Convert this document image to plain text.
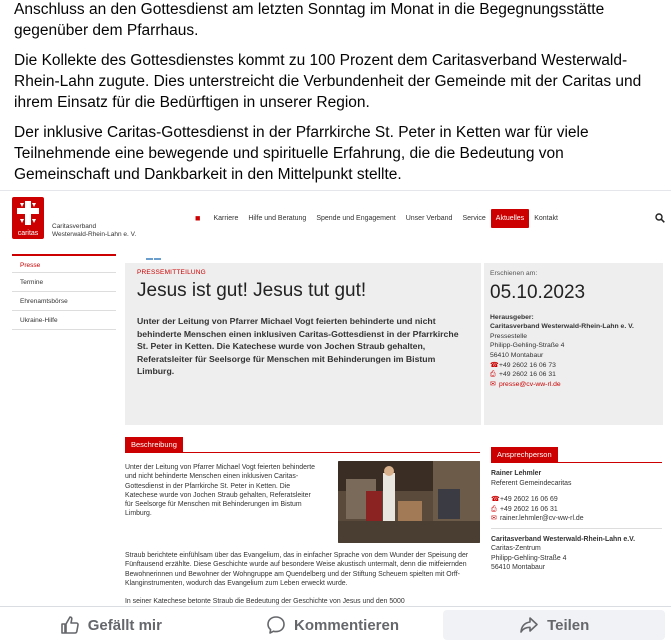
Anschluss an den Gottesdienst am letzten Sonntag im Monat in die Begegnungsstätte gegenüber dem Pfarrhaus.

Die Kollekte des Gottesdienstes kommt zu 100 Prozent dem Caritasverband Westerwald-Rhein-Lahn zugute. Dies unterstreicht die Verbundenheit der Gemeinde mit der Caritas und ihrem Einsatz für die Bedürftigen in unserer Region.

Der inklusive Caritas-Gottesdienst in der Pfarrkirche St. Peter in Ketten war für viele Teilnehmende eine bewegende und spirituelle Erfahrung, die die Bedeutung von Gemeinschaft und Dankbarkeit in den Mittelpunkt stellte.

caritas
Caritasverband
Westerwald-Rhein-Lahn e. V.
■	Karriere	Hilfe und Beratung	Spende und Engagement	Unser Verband	Service	Aktuelles	Kontakt
Presse
Termine
Ehrenamtsbörse
Ukraine-Hilfe
PRESSEMITTEILUNG
Jesus ist gut! Jesus tut gut!
Unter der Leitung von Pfarrer Michael Vogt feierten behinderte und nicht behinderte Menschen einen inklusiven Caritas-Gottesdienst in der Pfarrkirche St. Peter in Ketten. Die Katechese wurde von Jochen Straub gehalten, Referatsleiter für Seelsorge für Menschen mit Behinderungen im Bistum Limburg.
Erschienen am:
05.10.2023
Herausgeber:
Caritasverband Westerwald-Rhein-Lahn e. V.
Pressestelle
Philipp-Gehling-Straße 4
56410 Montabaur
☎ +49 2602 16 06 73
⎙ +49 2602 16 06 31
✉ presse@cv-ww-rl.de
Beschreibung
Ansprechperson
Unter der Leitung von Pfarrer Michael Vogt feierten behinderte und nicht behinderte Menschen einen inklusiven Caritas-Gottesdienst in der Pfarrkirche St. Peter in Ketten. Die Katechese wurde von Jochen Straub gehalten, Referatsleiter für Seelsorge für Menschen mit Behinderungen im Bistum Limburg.
Straub berichtete einfühlsam über das Evangelium, das in einfacher Sprache von dem Wunder der Speisung der Fünftausend erzählte. Diese Geschichte wurde auf besondere Weise akustisch untermalt, denn die mitfeiernden Bewohnerinnen und Bewohner der Wohngruppe am Quendelberg und der Stiftung Scheuern spielten mit Orff-Klanginstrumenten, wodurch das Evangelium zum Leben erweckt wurde.
In seiner Katechese betonte Straub die Bedeutung der Geschichte von Jesus und den 5000
Rainer Lehmler
Referent Gemeindecaritas
☎ +49 2602 16 06 69
⎙ +49 2602 16 06 31
✉ rainer.lehmler@cv-ww-rl.de
Caritasverband Westerwald-Rhein-Lahn e.V.
Caritas-Zentrum
Philipp-Gehling-Straße 4
56410 Montabaur
Gefällt mir	Kommentieren	Teilen
